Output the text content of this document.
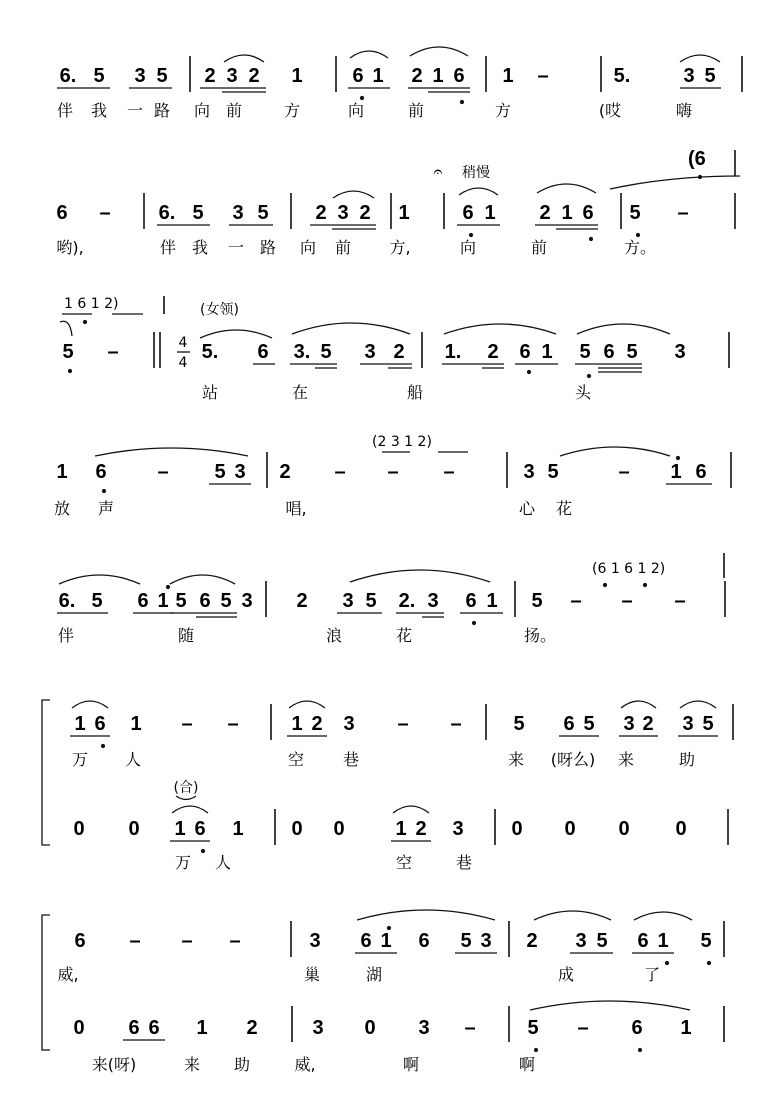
6. 5 3 5 2 3 2 1 6 1 2 1 6 1 –	5.	3 5
伴 我 一 路 向 前	方	向	前	方	(哎	嗨
(6
𝄐 稍慢
6 – 6. 5 3 5 2 3 2 1	6 1 2 1 6 5 –
哟),	伴 我 一 路 向 前 方,	向	前	方。
1 6 1 2)	(女领)
4
4
5 –	5. 6 3. 5 3 2 1. 2 6 1 5 6 5 3
站	在	船	头
(2 3 1 2)
1 6	– 5 3 2 – – –	3 5	– 1 6
放 声	唱,	心 花
(6 1 6 1 2)
6. 5 6 1 5 6 5 3 2 3 5 2. 3 6 1 5 – – –
伴	随	浪	花	扬。
1 6 1 – –	1 2 3 – –	5 6 5 3 2 3 5
万 人	空 巷	来 (呀么) 来	助
(合)
0 0 1 6 1 0 0	1 2 3 0 0 0 0
万 人	空	巷
6 – – –	3 6 1 6 5 3 2 3 5 6 1 5
威,	巢	湖	成	了
0 6 6 1 2	3 0 3 –	5 – 6 1
来(呀)	来 助	威,	啊	啊
